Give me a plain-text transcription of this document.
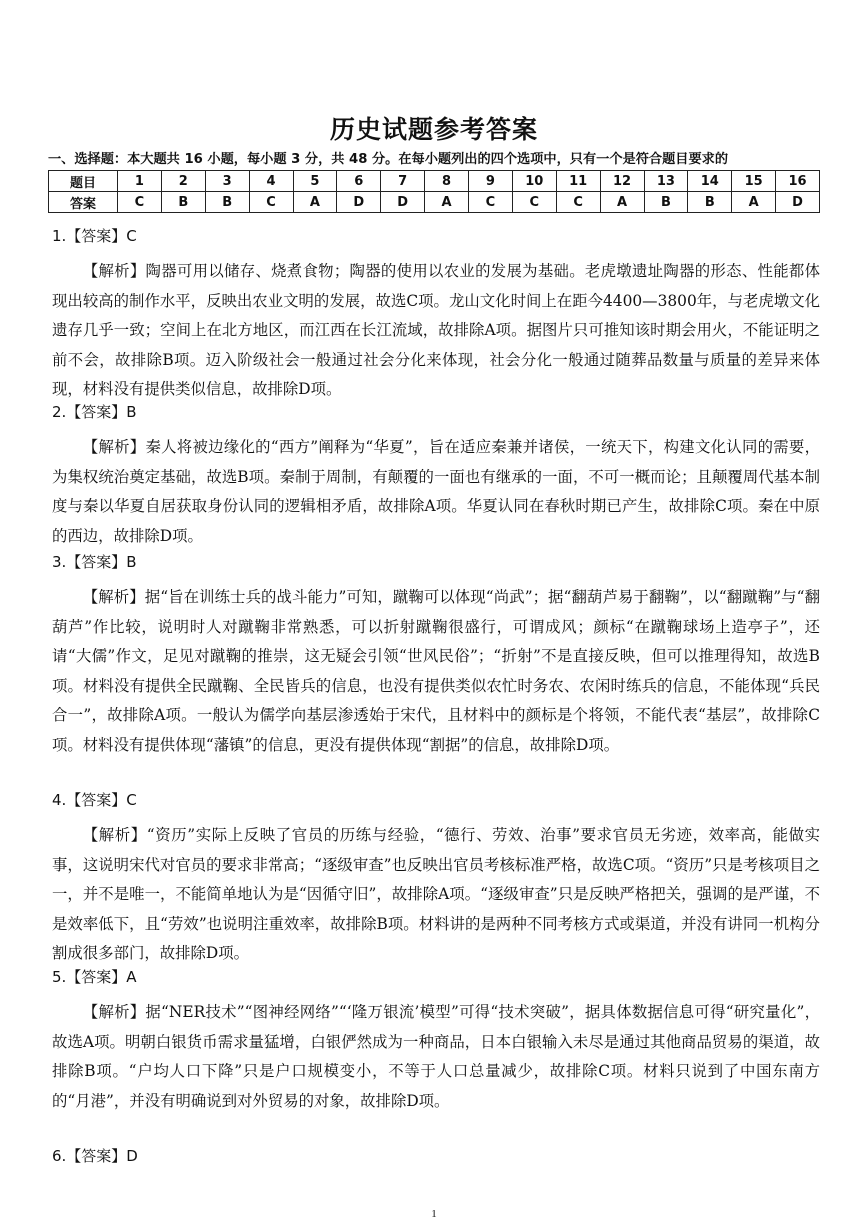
历史试题参考答案
一、选择题：本大题共 16 小题，每小题 3 分，共 48 分。在每小题列出的四个选项中，只有一个是符合题目要求的
题目	1	2	3	4	5	6	7	8	9	10	11	12	13	14	15	16
答案	C	B	B	C	A	D	D	A	C	C	C	A	B	B	A	D
1.【答案】C

【解析】陶器可用以储存、烧煮食物；陶器的使用以农业的发展为基础。老虎墩遗址陶器的形态、性能都体现出较高的制作水平，反映出农业文明的发展，故选C项。龙山文化时间上在距今4400—3800年，与老虎墩文化遗存几乎一致；空间上在北方地区，而江西在长江流域，故排除A项。据图片只可推知该时期会用火，不能证明之前不会，故排除B项。迈入阶级社会一般通过社会分化来体现，社会分化一般通过随葬品数量与质量的差异来体现，材料没有提供类似信息，故排除D项。

2.【答案】B

【解析】秦人将被边缘化的“西方”阐释为“华夏”，旨在适应秦兼并诸侯，一统天下，构建文化认同的需要，为集权统治奠定基础，故选B项。秦制于周制，有颠覆的一面也有继承的一面，不可一概而论；且颠覆周代基本制度与秦以华夏自居获取身份认同的逻辑相矛盾，故排除A项。华夏认同在春秋时期已产生，故排除C项。秦在中原的西边，故排除D项。

3.【答案】B

【解析】据“旨在训练士兵的战斗能力”可知，蹴鞠可以体现“尚武”；据“翻葫芦易于翻鞠”，以“翻蹴鞠”与“翻葫芦”作比较，说明时人对蹴鞠非常熟悉，可以折射蹴鞠很盛行，可谓成风；颜标“在蹴鞠球场上造亭子”，还请“大儒”作文，足见对蹴鞠的推崇，这无疑会引领“世风民俗”；“折射”不是直接反映，但可以推理得知，故选B项。材料没有提供全民蹴鞠、全民皆兵的信息，也没有提供类似农忙时务农、农闲时练兵的信息，不能体现“兵民合一”，故排除A项。一般认为儒学向基层渗透始于宋代，且材料中的颜标是个将领，不能代表“基层”，故排除C项。材料没有提供体现“藩镇”的信息，更没有提供体现“割据”的信息，故排除D项。

4.【答案】C

【解析】“资历”实际上反映了官员的历练与经验，“德行、劳效、治事”要求官员无劣迹，效率高，能做实事，这说明宋代对官员的要求非常高；“逐级审查”也反映出官员考核标准严格，故选C项。“资历”只是考核项目之一，并不是唯一，不能简单地认为是“因循守旧”，故排除A项。“逐级审查”只是反映严格把关，强调的是严谨，不是效率低下，且“劳效”也说明注重效率，故排除B项。材料讲的是两种不同考核方式或渠道，并没有讲同一机构分割成很多部门，故排除D项。

5.【答案】A

【解析】据“NER技术”“图神经网络”“‘隆万银流’模型”可得“技术突破”，据具体数据信息可得“研究量化”，故选A项。明朝白银货币需求量猛增，白银俨然成为一种商品，日本白银输入未尽是通过其他商品贸易的渠道，故排除B项。“户均人口下降”只是户口规模变小，不等于人口总量减少，故排除C项。材料只说到了中国东南方的“月港”，并没有明确说到对外贸易的对象，故排除D项。

6.【答案】D
1
